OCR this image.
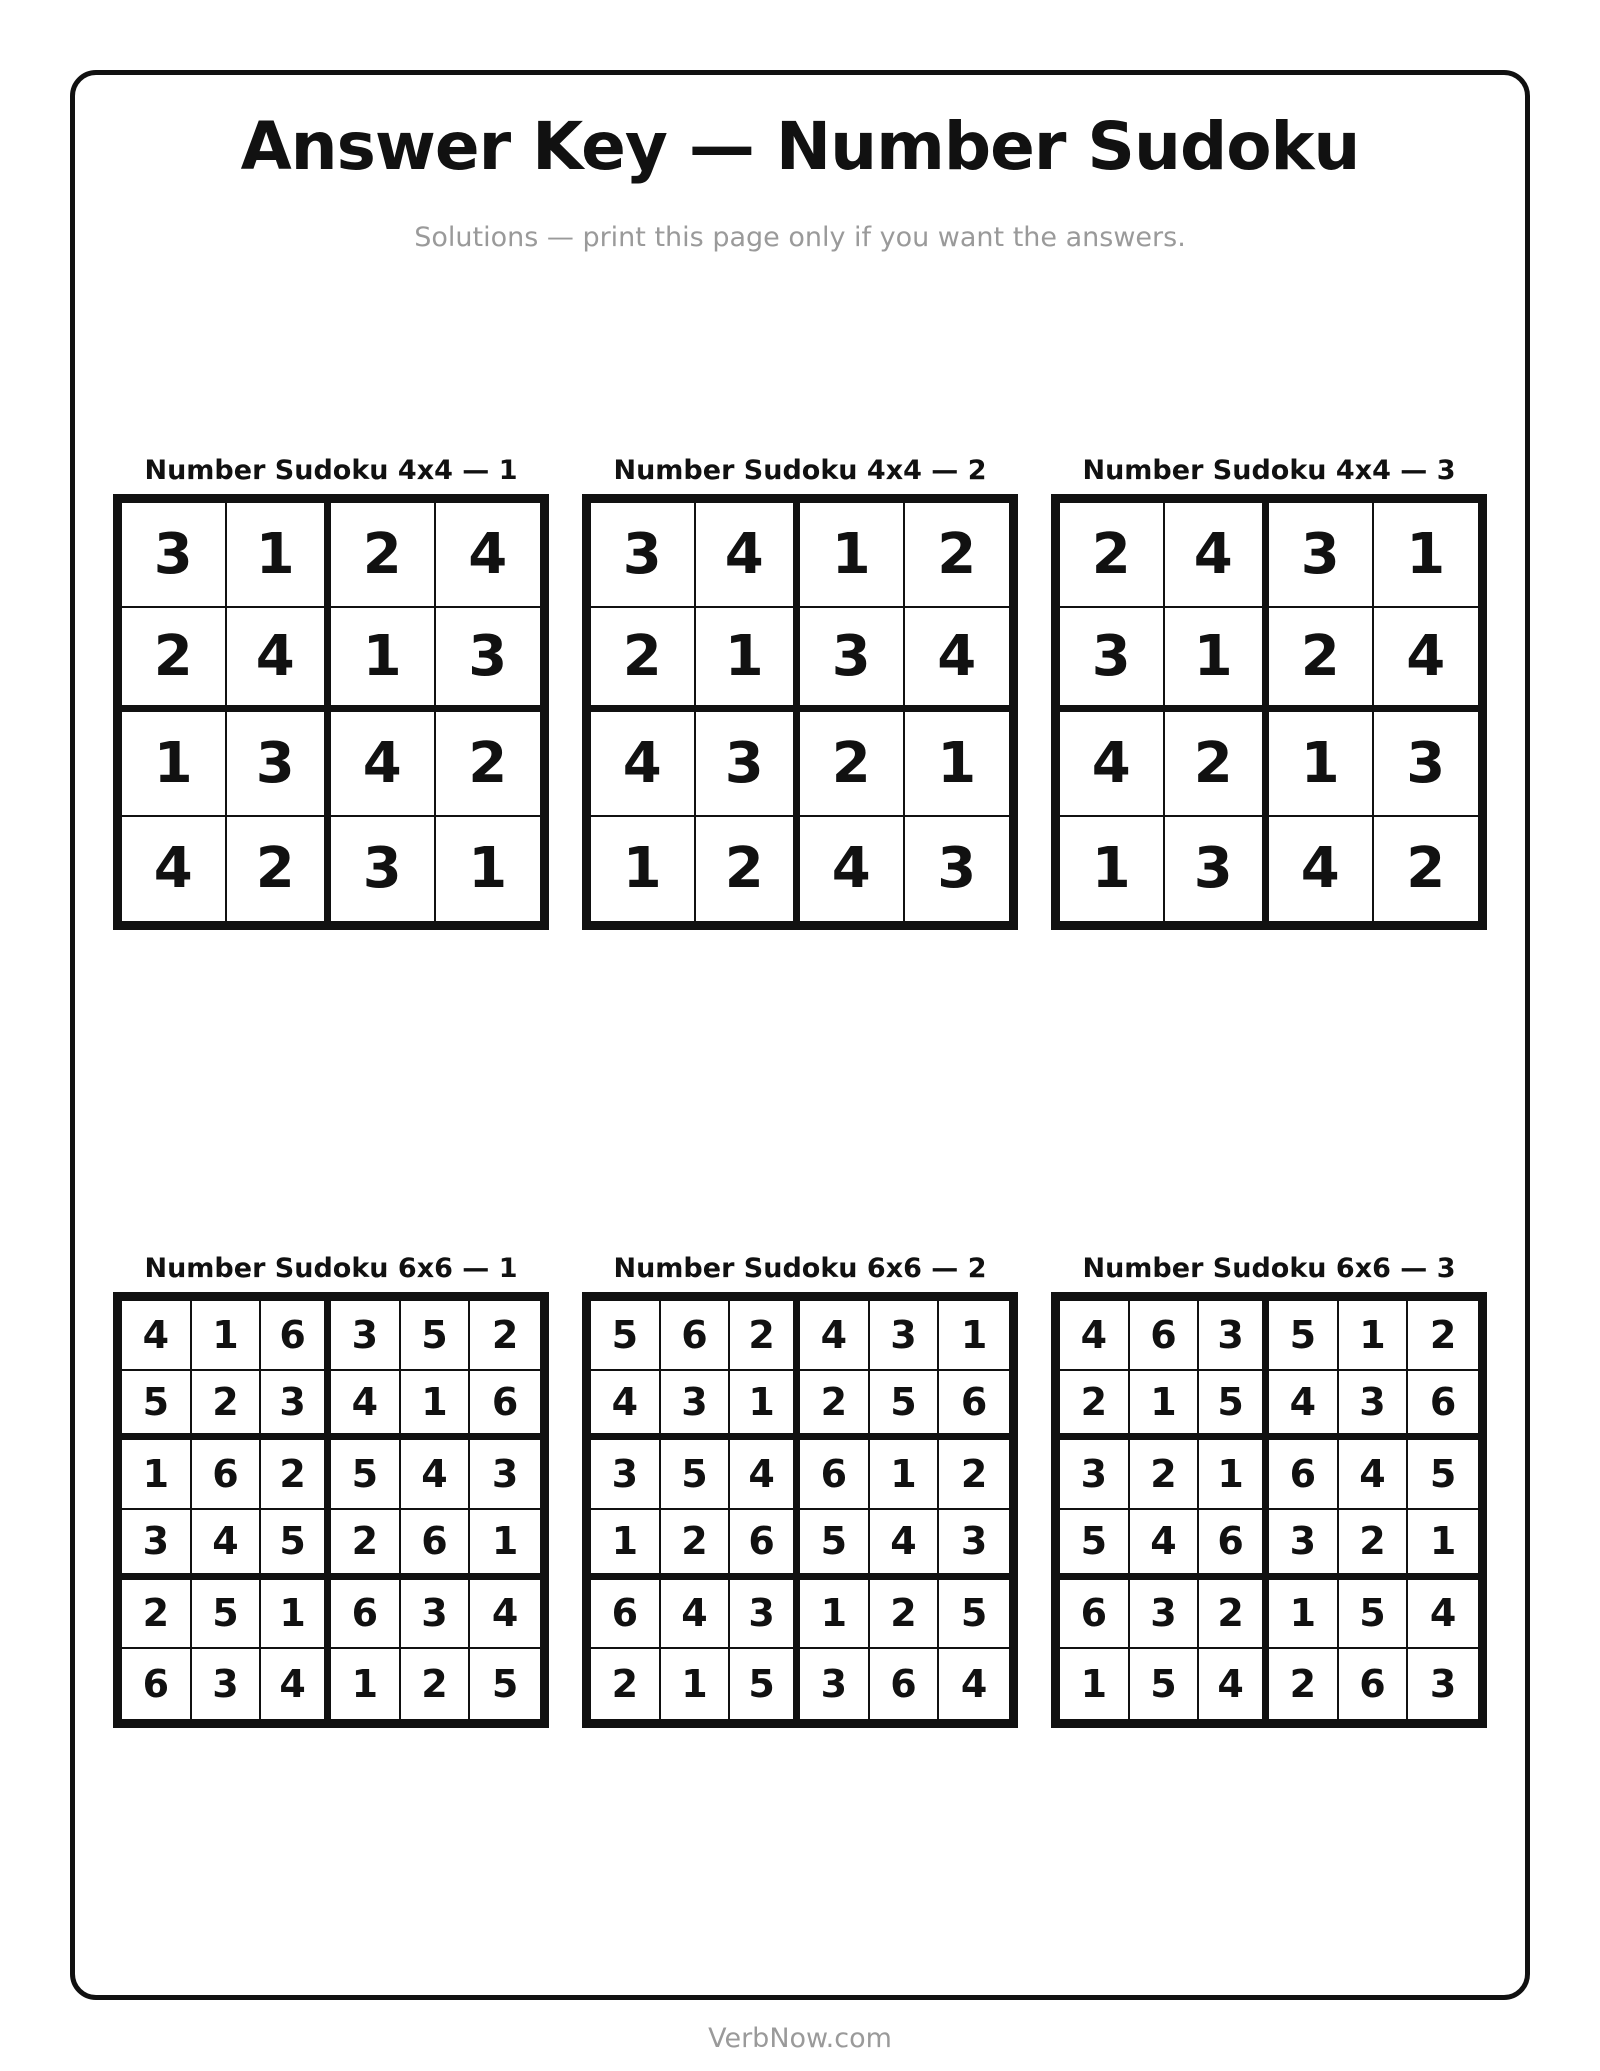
Answer Key — Number Sudoku
Solutions — print this page only if you want the answers.
Number Sudoku 4x4 — 1
3	1	2	4
2	4	1	3
1	3	4	2
4	2	3	1
Number Sudoku 4x4 — 2
3	4	1	2
2	1	3	4
4	3	2	1
1	2	4	3
Number Sudoku 4x4 — 3
2	4	3	1
3	1	2	4
4	2	1	3
1	3	4	2
Number Sudoku 6x6 — 1
4	1	6	3	5	2
5	2	3	4	1	6
1	6	2	5	4	3
3	4	5	2	6	1
2	5	1	6	3	4
6	3	4	1	2	5
Number Sudoku 6x6 — 2
5	6	2	4	3	1
4	3	1	2	5	6
3	5	4	6	1	2
1	2	6	5	4	3
6	4	3	1	2	5
2	1	5	3	6	4
Number Sudoku 6x6 — 3
4	6	3	5	1	2
2	1	5	4	3	6
3	2	1	6	4	5
5	4	6	3	2	1
6	3	2	1	5	4
1	5	4	2	6	3
VerbNow.com
